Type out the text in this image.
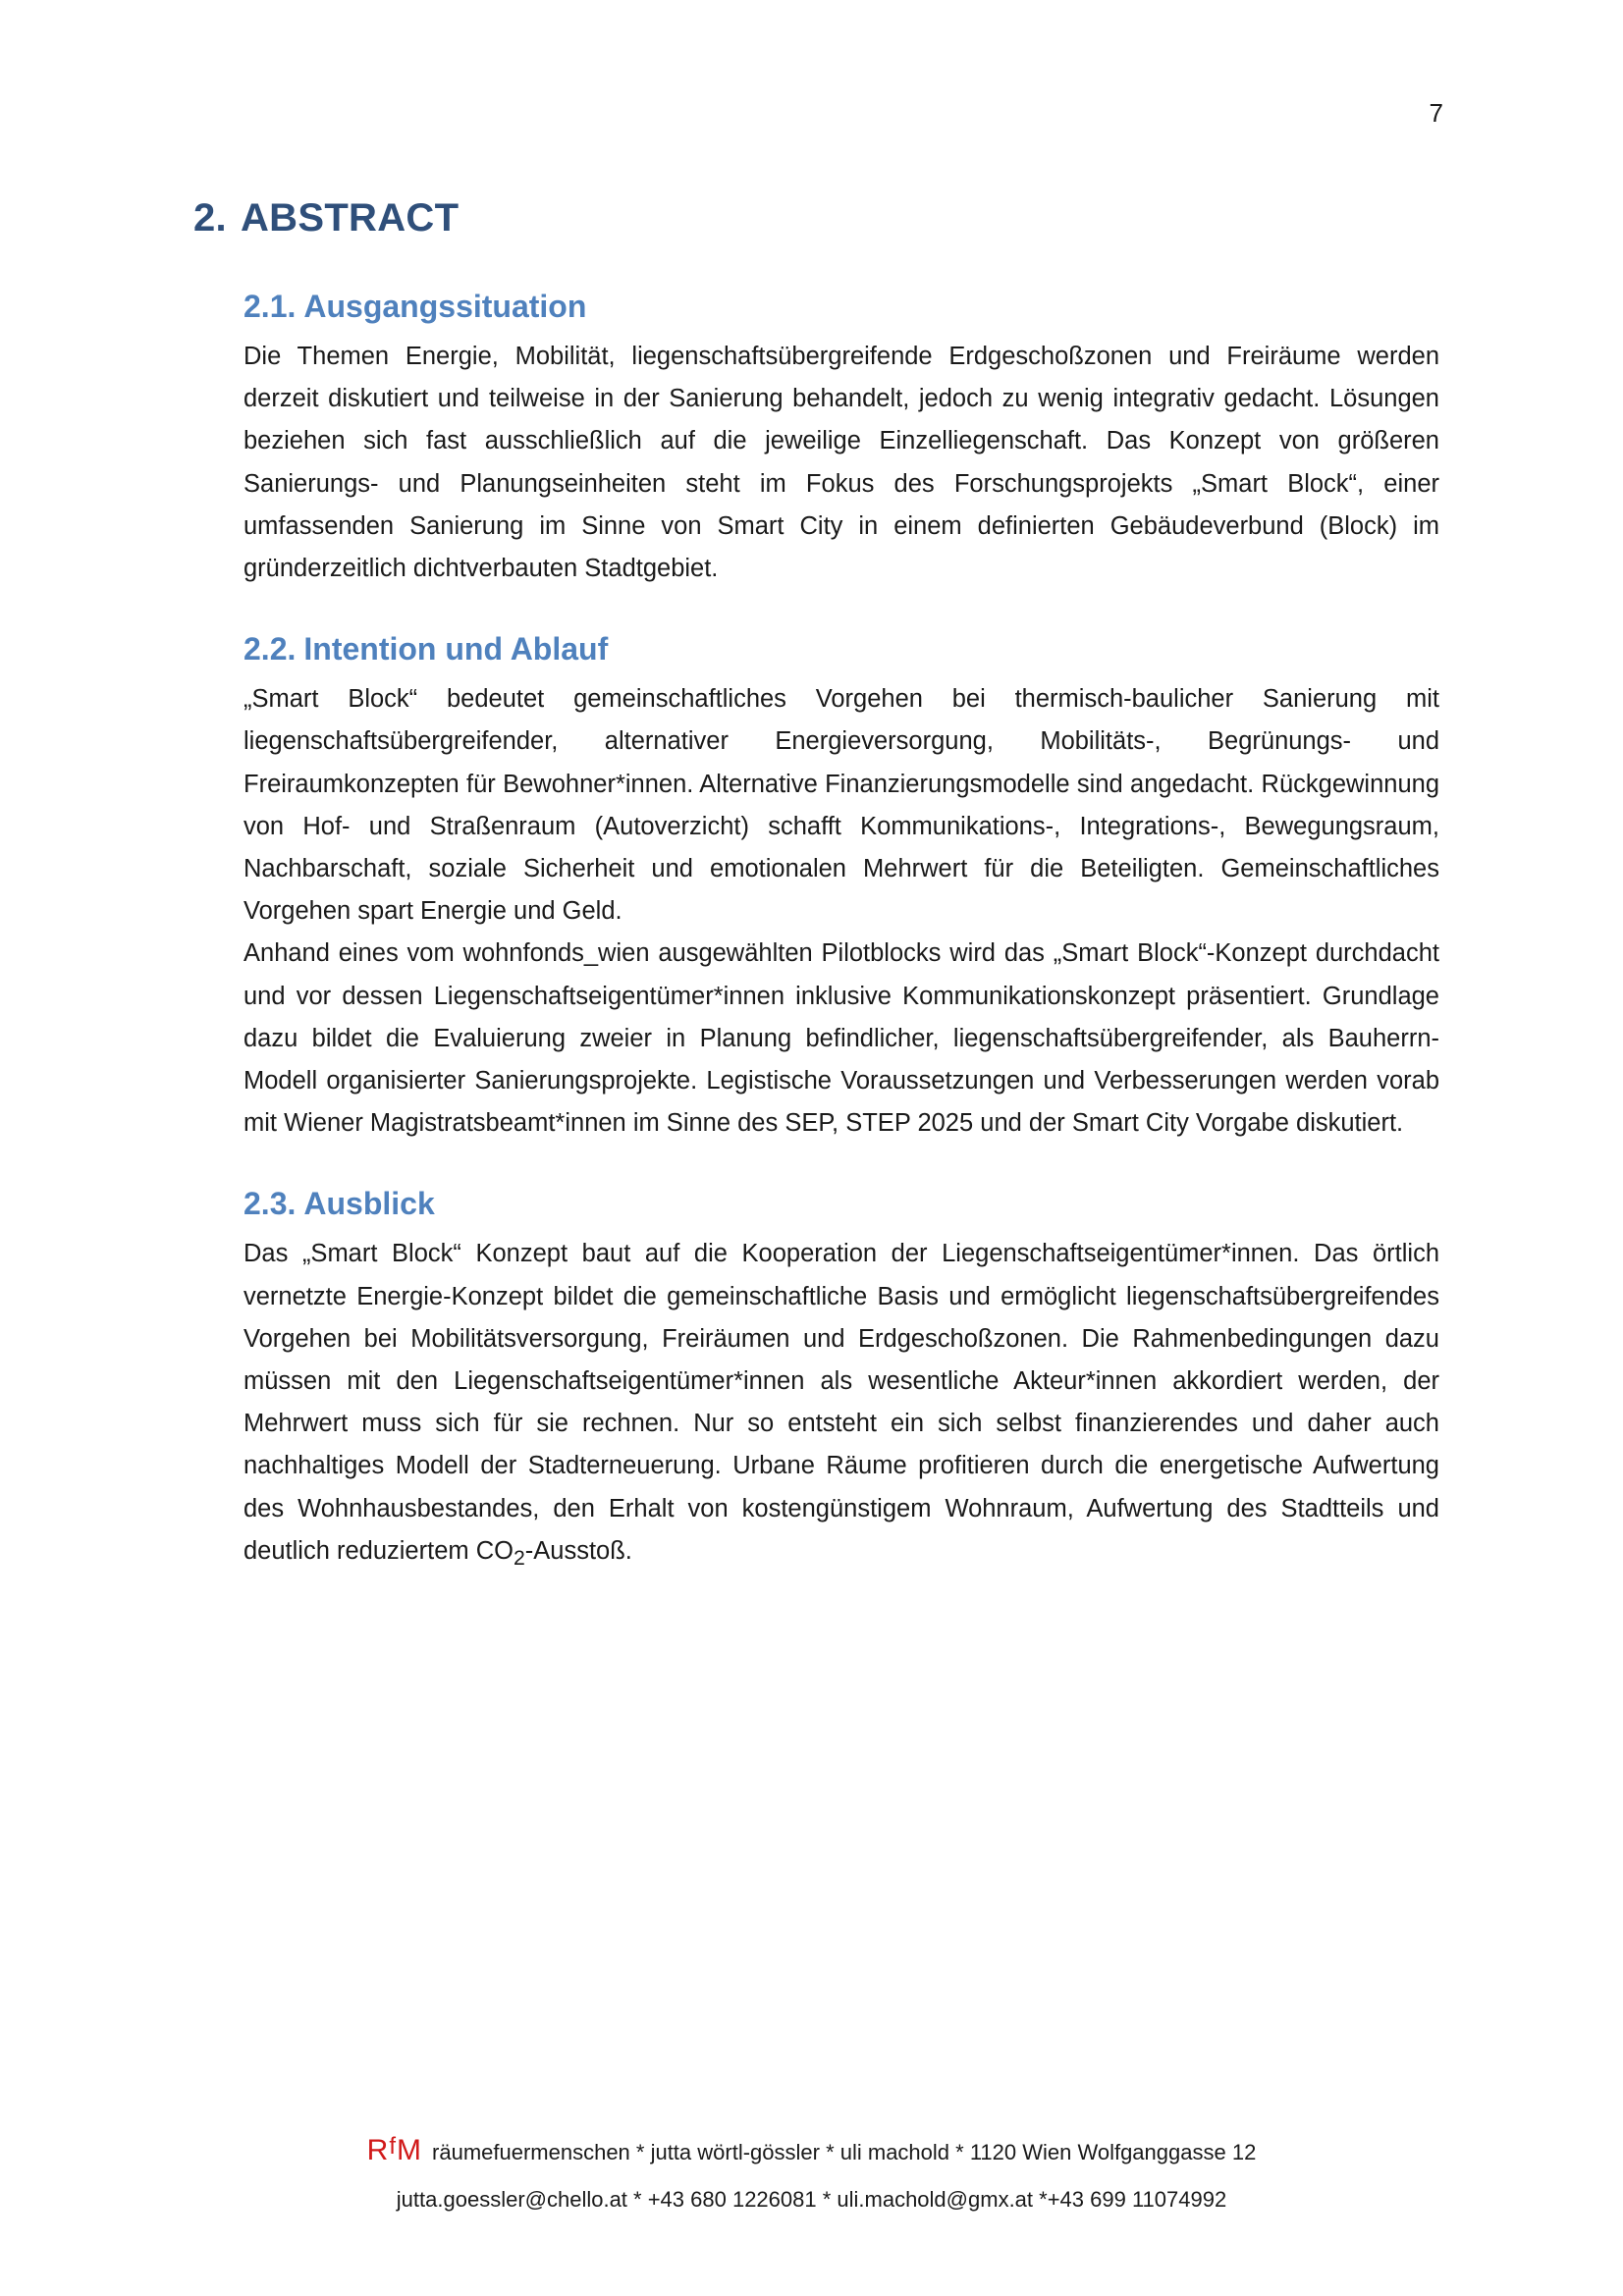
7
2. ABSTRACT
2.1. Ausgangssituation

Die Themen Energie, Mobilität, liegenschaftsübergreifende Erdgeschoßzonen und Freiräume werden derzeit diskutiert und teilweise in der Sanierung behandelt, jedoch zu wenig integrativ gedacht. Lösungen beziehen sich fast ausschließlich auf die jeweilige Einzelliegenschaft. Das Konzept von größeren Sanierungs- und Planungseinheiten steht im Fokus des Forschungsprojekts „Smart Block“, einer umfassenden Sanierung im Sinne von Smart City in einem definierten Gebäudeverbund (Block) im gründerzeitlich dichtverbauten Stadtgebiet.

2.2. Intention und Ablauf

„Smart Block“ bedeutet gemeinschaftliches Vorgehen bei thermisch-baulicher Sanierung mit liegenschaftsübergreifender, alternativer Energieversorgung, Mobilitäts-, Begrünungs- und Freiraumkonzepten für Bewohner*innen. Alternative Finanzierungsmodelle sind angedacht. Rückgewinnung von Hof- und Straßenraum (Autoverzicht) schafft Kommunikations-, Integrations-, Bewegungsraum, Nachbarschaft, soziale Sicherheit und emotionalen Mehrwert für die Beteiligten. Gemeinschaftliches Vorgehen spart Energie und Geld.

Anhand eines vom wohnfonds_wien ausgewählten Pilotblocks wird das „Smart Block“-Konzept durchdacht und vor dessen Liegenschaftseigentümer*innen inklusive Kommunikationskonzept präsentiert. Grundlage dazu bildet die Evaluierung zweier in Planung befindlicher, liegenschaftsübergreifender, als Bauherrn-Modell organisierter Sanierungsprojekte. Legistische Voraussetzungen und Verbesserungen werden vorab mit Wiener Magistratsbeamt*innen im Sinne des SEP, STEP 2025 und der Smart City Vorgabe diskutiert.

2.3. Ausblick

Das „Smart Block“ Konzept baut auf die Kooperation der Liegenschaftseigentümer*innen. Das örtlich vernetzte Energie-Konzept bildet die gemeinschaftliche Basis und ermöglicht liegenschaftsübergreifendes Vorgehen bei Mobilitätsversorgung, Freiräumen und Erdgeschoßzonen. Die Rahmenbedingungen dazu müssen mit den Liegenschaftseigentümer*innen als wesentliche Akteur*innen akkordiert werden, der Mehrwert muss sich für sie rechnen. Nur so entsteht ein sich selbst finanzierendes und daher auch nachhaltiges Modell der Stadterneuerung. Urbane Räume profitieren durch die energetische Aufwertung des Wohnhausbestandes, den Erhalt von kostengünstigem Wohnraum, Aufwertung des Stadtteils und deutlich reduziertem $CO_2$-Ausstoß.

$R^fM$ räumefuermenschen * jutta wörtl-gössler * uli machold * 1120 Wien Wolfganggasse 12
jutta.goessler@chello.at * +43 680 1226081 * uli.machold@gmx.at *+43 699 11074992
